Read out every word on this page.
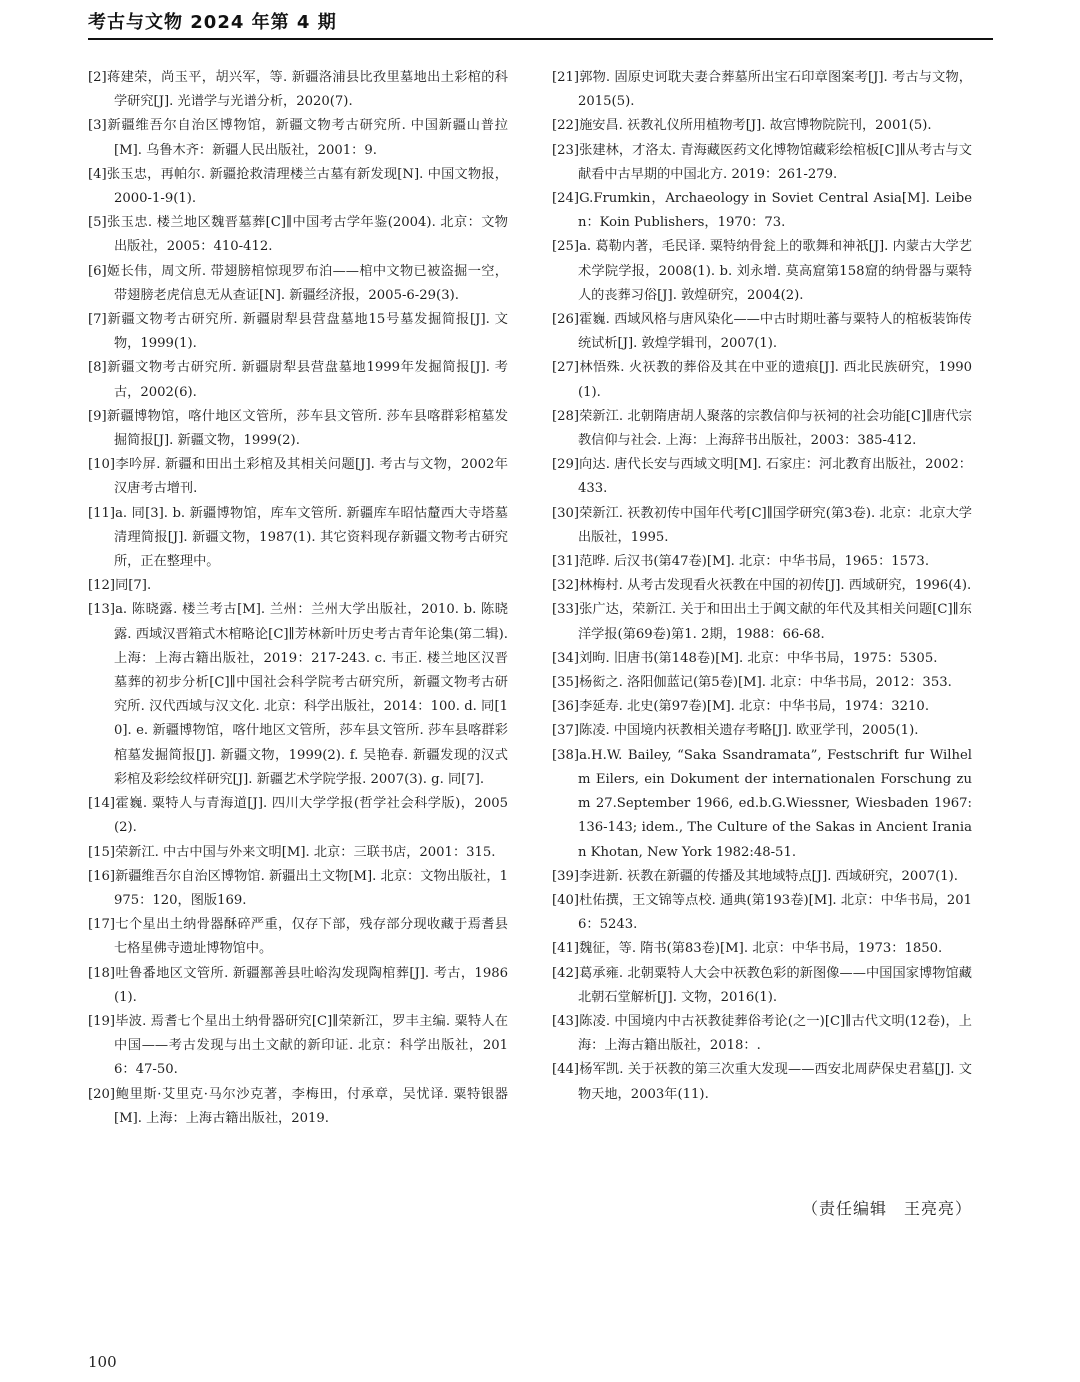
考古与文物 2024 年第 4 期
[2]蒋建荣，尚玉平，胡兴军，等. 新疆洛浦县比孜里墓地出土彩棺的科学研究[J]. 光谱学与光谱分析，2020(7).
[3]新疆维吾尔自治区博物馆，新疆文物考古研究所. 中国新疆山普拉[M]. 乌鲁木齐：新疆人民出版社，2001：9.
[4]张玉忠，再帕尔. 新疆抢救清理楼兰古墓有新发现[N]. 中国文物报，2000-1-9(1).
[5]张玉忠. 楼兰地区魏晋墓葬[C]∥中国考古学年鉴(2004). 北京：文物出版社，2005：410-412.
[6]姬长伟，周文所. 带翅膀棺惊现罗布泊——棺中文物已被盗掘一空，带翅膀老虎信息无从查证[N]. 新疆经济报，2005-6-29(3).
[7]新疆文物考古研究所. 新疆尉犁县营盘墓地15号墓发掘简报[J]. 文物，1999(1).
[8]新疆文物考古研究所. 新疆尉犁县营盘墓地1999年发掘简报[J]. 考古，2002(6).
[9]新疆博物馆，喀什地区文管所，莎车县文管所. 莎车县喀群彩棺墓发掘简报[J]. 新疆文物，1999(2).
[10]李吟屏. 新疆和田出土彩棺及其相关问题[J]. 考古与文物，2002年汉唐考古增刊.
[11]a. 同[3]. b. 新疆博物馆，库车文管所. 新疆库车昭怙釐西大寺塔墓清理简报[J]. 新疆文物，1987(1). 其它资料现存新疆文物考古研究所，正在整理中。
[12]同[7].
[13]a. 陈晓露. 楼兰考古[M]. 兰州：兰州大学出版社，2010. b. 陈晓露. 西域汉晋箱式木棺略论[C]∥芳林新叶历史考古青年论集(第二辑). 上海：上海古籍出版社，2019：217-243. c. 韦正. 楼兰地区汉晋墓葬的初步分析[C]∥中国社会科学院考古研究所，新疆文物考古研究所. 汉代西域与汉文化. 北京：科学出版社，2014：100. d. 同[10]. e. 新疆博物馆，喀什地区文管所，莎车县文管所. 莎车县喀群彩棺墓发掘简报[J]. 新疆文物，1999(2). f. 吴艳春. 新疆发现的汉式彩棺及彩绘纹样研究[J]. 新疆艺术学院学报. 2007(3). g. 同[7].
[14]霍巍. 粟特人与青海道[J]. 四川大学学报(哲学社会科学版)，2005(2).
[15]荣新江. 中古中国与外来文明[M]. 北京：三联书店，2001：315.
[16]新疆维吾尔自治区博物馆. 新疆出土文物[M]. 北京：文物出版社，1975：120，图版169.
[17]七个星出土纳骨器酥碎严重，仅存下部，残存部分现收藏于焉耆县七格星佛寺遗址博物馆中。
[18]吐鲁番地区文管所. 新疆鄯善县吐峪沟发现陶棺葬[J]. 考古，1986(1).
[19]毕波. 焉耆七个星出土纳骨器研究[C]∥荣新江，罗丰主编. 粟特人在中国——考古发现与出土文献的新印证. 北京：科学出版社，2016：47-50.
[20]鲍里斯·艾里克·马尔沙克著，李梅田，付承章，吴忧译. 粟特银器[M]. 上海：上海古籍出版社，2019.
[21]郭物. 固原史诃耽夫妻合葬墓所出宝石印章图案考[J]. 考古与文物，2015(5).
[22]施安昌. 祆教礼仪所用植物考[J]. 故宫博物院院刊，2001(5).
[23]张建林，才洛太. 青海藏医药文化博物馆藏彩绘棺板[C]∥从考古与文献看中古早期的中国北方. 2019：261-279.
[24]G.Frumkin，Archaeology in Soviet Central Asia[M]. Leiben：Koin Publishers，1970：73.
[25]a. 葛勒内著，毛民译. 粟特纳骨瓮上的歌舞和神祇[J]. 内蒙古大学艺术学院学报，2008(1). b. 刘永增. 莫高窟第158窟的纳骨器与粟特人的丧葬习俗[J]. 敦煌研究，2004(2).
[26]霍巍. 西域风格与唐风染化——中古时期吐蕃与粟特人的棺板装饰传统试析[J]. 敦煌学辑刊，2007(1).
[27]林悟殊. 火祆教的葬俗及其在中亚的遗痕[J]. 西北民族研究，1990(1).
[28]荣新江. 北朝隋唐胡人聚落的宗教信仰与祆祠的社会功能[C]∥唐代宗教信仰与社会. 上海：上海辞书出版社，2003：385-412.
[29]向达. 唐代长安与西域文明[M]. 石家庄：河北教育出版社，2002：433.
[30]荣新江. 祆教初传中国年代考[C]∥国学研究(第3卷). 北京：北京大学出版社，1995.
[31]范晔. 后汉书(第47卷)[M]. 北京：中华书局，1965：1573.
[32]林梅村. 从考古发现看火祆教在中国的初传[J]. 西域研究，1996(4).
[33]张广达，荣新江. 关于和田出土于阗文献的年代及其相关问题[C]∥东洋学报(第69卷)第1. 2期，1988：66-68.
[34]刘昫. 旧唐书(第148卷)[M]. 北京：中华书局，1975：5305.
[35]杨衒之. 洛阳伽蓝记(第5卷)[M]. 北京：中华书局，2012：353.
[36]李延寿. 北史(第97卷)[M]. 北京：中华书局，1974：3210.
[37]陈凌. 中国境内祆教相关遗存考略[J]. 欧亚学刊，2005(1).
[38]a.H.W. Bailey, “Saka Ssandramata”, Festschrift fur Wilhelm Eilers, ein Dokument der internationalen Forschung zum 27.September 1966, ed.b.G.Wiessner, Wiesbaden 1967:136-143; idem., The Culture of the Sakas in Ancient Iranian Khotan, New York 1982:48-51.
[39]李进新. 祆教在新疆的传播及其地域特点[J]. 西域研究，2007(1).
[40]杜佑撰，王文锦等点校. 通典(第193卷)[M]. 北京：中华书局，2016：5243.
[41]魏征，等. 隋书(第83卷)[M]. 北京：中华书局，1973：1850.
[42]葛承雍. 北朝粟特人大会中祆教色彩的新图像——中国国家博物馆藏北朝石堂解析[J]. 文物，2016(1).
[43]陈凌. 中国境内中古祆教徒葬俗考论(之一)[C]∥古代文明(12卷)，上海：上海古籍出版社，2018：.
[44]杨军凯. 关于祆教的第三次重大发现——西安北周萨保史君墓[J]. 文物天地，2003年(11).
（责任编辑　王亮亮）
100
